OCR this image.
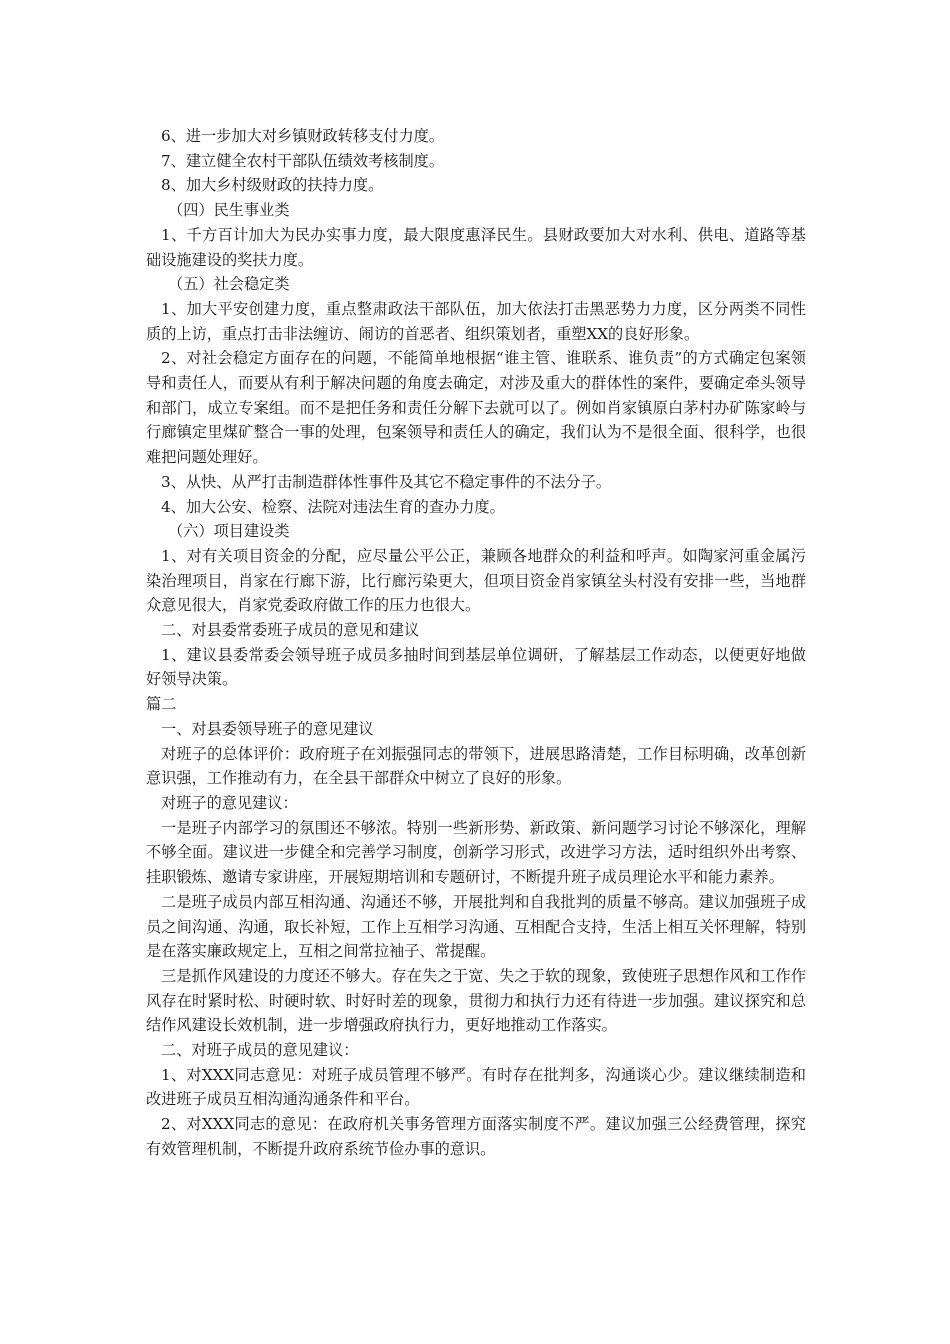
6、进一步加大对乡镇财政转移支付力度。

7、建立健全农村干部队伍绩效考核制度。

8、加大乡村级财政的扶持力度。

（四）民生事业类

1、千方百计加大为民办实事力度，最大限度惠泽民生。县财政要加大对水利、供电、道路等基础设施建设的奖扶力度。

（五）社会稳定类

1、加大平安创建力度，重点整肃政法干部队伍，加大依法打击黑恶势力力度，区分两类不同性质的上访，重点打击非法缠访、闹访的首恶者、组织策划者，重塑XX的良好形象。

2、对社会稳定方面存在的问题，不能简单地根据“谁主管、谁联系、谁负责”的方式确定包案领导和责任人，而要从有利于解决问题的角度去确定，对涉及重大的群体性的案件，要确定牵头领导和部门，成立专案组。而不是把任务和责任分解下去就可以了。例如肖家镇原白茅村办矿陈家岭与行廊镇定里煤矿整合一事的处理，包案领导和责任人的确定，我们认为不是很全面、很科学，也很难把问题处理好。

3、从快、从严打击制造群体性事件及其它不稳定事件的不法分子。

4、加大公安、检察、法院对违法生育的查办力度。

（六）项目建设类

1、对有关项目资金的分配，应尽量公平公正，兼顾各地群众的利益和呼声。如陶家河重金属污染治理项目，肖家在行廊下游，比行廊污染更大，但项目资金肖家镇坌头村没有安排一些，当地群众意见很大，肖家党委政府做工作的压力也很大。

二、对县委常委班子成员的意见和建议

1、建议县委常委会领导班子成员多抽时间到基层单位调研，了解基层工作动态，以便更好地做好领导决策。

篇二

一、对县委领导班子的意见建议

对班子的总体评价：政府班子在刘振强同志的带领下，进展思路清楚，工作目标明确，改革创新意识强，工作推动有力，在全县干部群众中树立了良好的形象。

对班子的意见建议：

一是班子内部学习的氛围还不够浓。特别一些新形势、新政策、新问题学习讨论不够深化，理解不够全面。建议进一步健全和完善学习制度，创新学习形式，改进学习方法，适时组织外出考察、挂职锻炼、邀请专家讲座，开展短期培训和专题研讨，不断提升班子成员理论水平和能力素养。

二是班子成员内部互相沟通、沟通还不够，开展批判和自我批判的质量不够高。建议加强班子成员之间沟通、沟通，取长补短，工作上互相学习沟通、互相配合支持，生活上相互关怀理解，特别是在落实廉政规定上，互相之间常拉袖子、常提醒。

三是抓作风建设的力度还不够大。存在失之于宽、失之于软的现象，致使班子思想作风和工作作风存在时紧时松、时硬时软、时好时差的现象，贯彻力和执行力还有待进一步加强。建议探究和总结作风建设长效机制，进一步增强政府执行力，更好地推动工作落实。

二、对班子成员的意见建议：

1、对XXX同志意见：对班子成员管理不够严。有时存在批判多，沟通谈心少。建议继续制造和改进班子成员互相沟通沟通条件和平台。

2、对XXX同志的意见：在政府机关事务管理方面落实制度不严。建议加强三公经费管理，探究有效管理机制，不断提升政府系统节俭办事的意识。
